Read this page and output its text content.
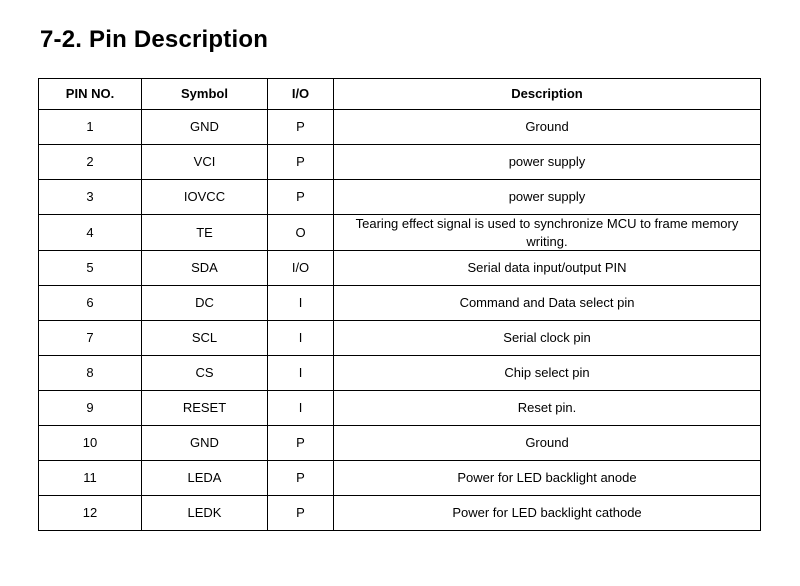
7-2. Pin Description
PIN NO.	Symbol	I/O	Description
1	GND	P	Ground
2	VCI	P	power supply
3	IOVCC	P	power supply
4	TE	O	Tearing effect signal is used to synchronize MCU to frame memory writing.
5	SDA	I/O	Serial data input/output PIN
6	DC	I	Command and Data select pin
7	SCL	I	Serial clock pin
8	CS	I	Chip select pin
9	RESET	I	Reset pin.
10	GND	P	Ground
11	LEDA	P	Power for LED backlight anode
12	LEDK	P	Power for LED backlight cathode
